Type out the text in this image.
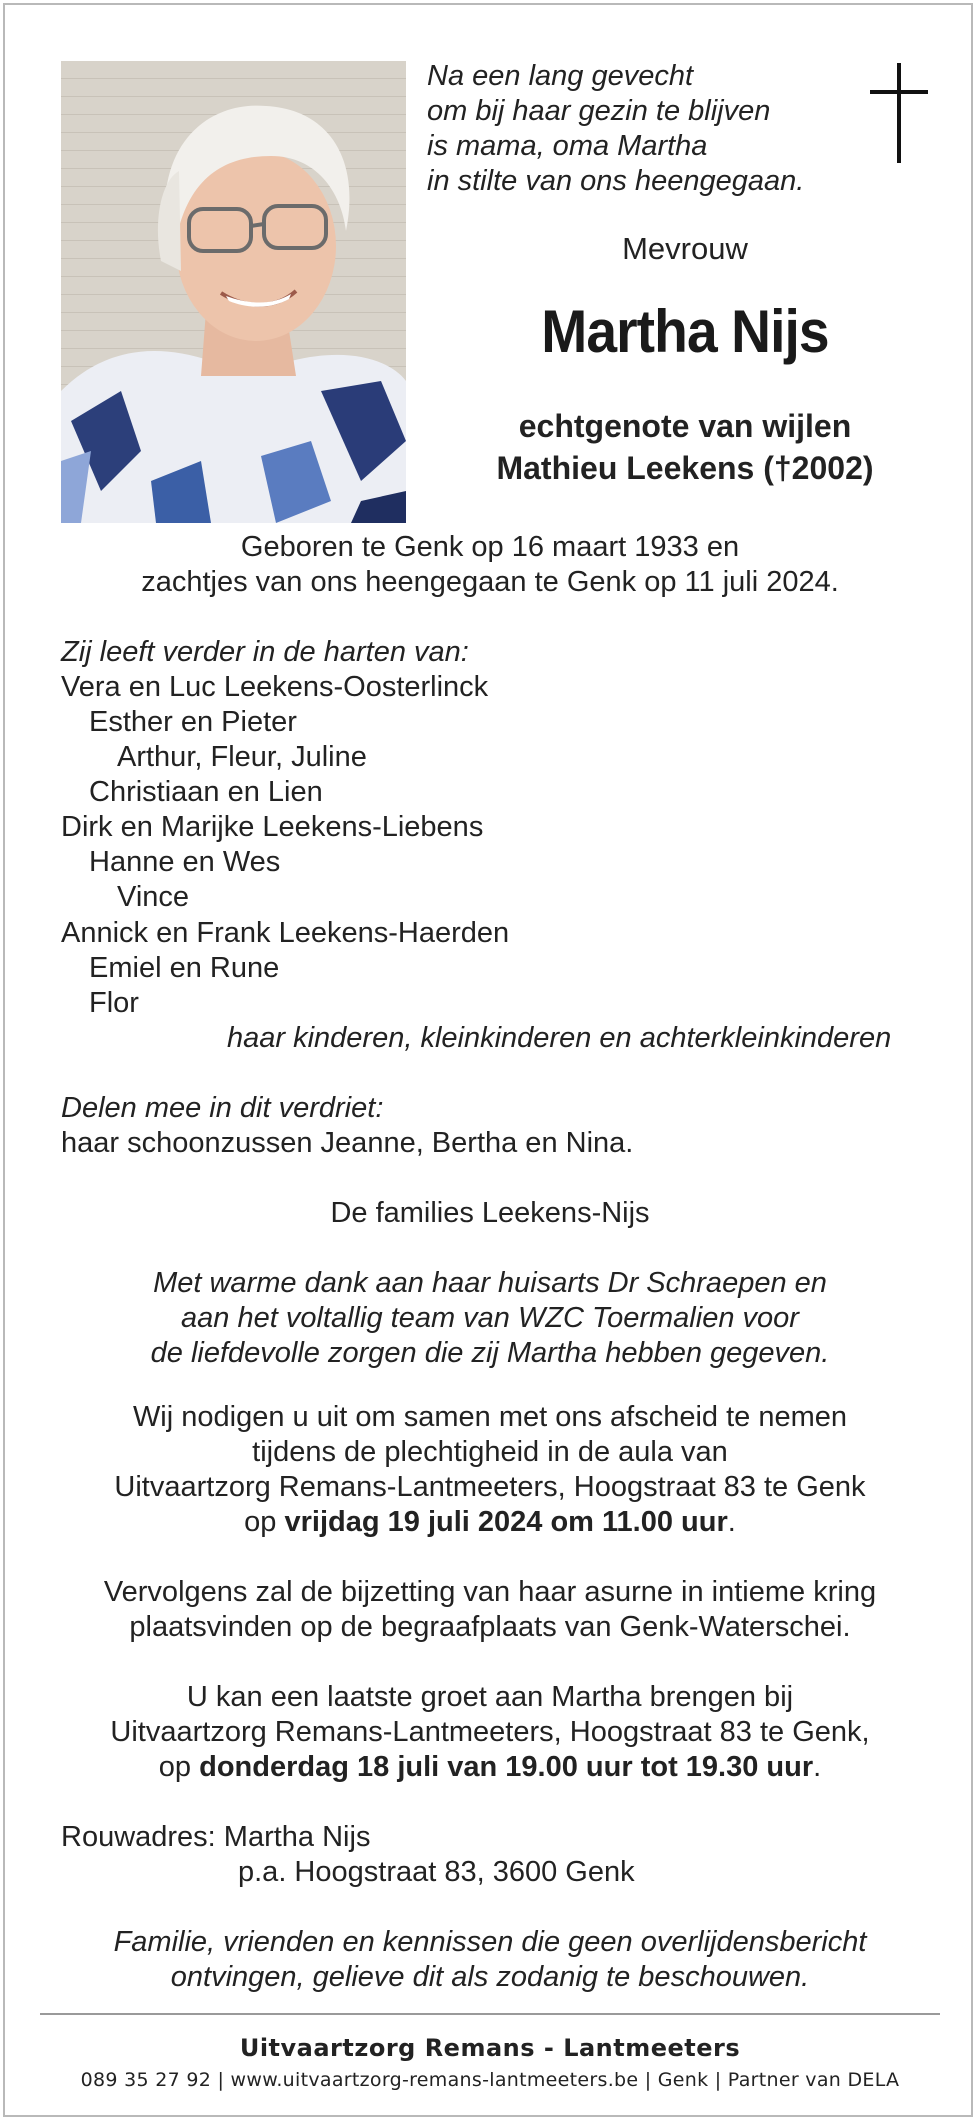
Na een lang gevecht
om bij haar gezin te blijven
is mama, oma Martha
in stilte van ons heengegaan.
Mevrouw
Martha Nijs
echtgenote van wijlen
Mathieu Leekens (†2002)
Geboren te Genk op 16 maart 1933 en
zachtjes van ons heengegaan te Genk op 11 juli 2024.
Zij leeft verder in de harten van:
Vera en Luc Leekens-Oosterlinck
Esther en Pieter
Arthur, Fleur, Juline
Christiaan en Lien
Dirk en Marijke Leekens-Liebens
Hanne en Wes
Vince
Annick en Frank Leekens-Haerden
Emiel en Rune
Flor
haar kinderen, kleinkinderen en achterkleinkinderen
Delen mee in dit verdriet:
haar schoonzussen Jeanne, Bertha en Nina.
De families Leekens-Nijs
Met warme dank aan haar huisarts Dr Schraepen en
aan het voltallig team van WZC Toermalien voor
de liefdevolle zorgen die zij Martha hebben gegeven.
Wij nodigen u uit om samen met ons afscheid te nemen
tijdens de plechtigheid in de aula van
Uitvaartzorg Remans-Lantmeeters, Hoogstraat 83 te Genk
op vrijdag 19 juli 2024 om 11.00 uur.
Vervolgens zal de bijzetting van haar asurne in intieme kring
plaatsvinden op de begraafplaats van Genk-Waterschei.
U kan een laatste groet aan Martha brengen bij
Uitvaartzorg Remans-Lantmeeters, Hoogstraat 83 te Genk,
op donderdag 18 juli van 19.00 uur tot 19.30 uur.
Rouwadres: Martha Nijs
p.a. Hoogstraat 83, 3600 Genk
Familie, vrienden en kennissen die geen overlijdensbericht
ontvingen, gelieve dit als zodanig te beschouwen.
Uitvaartzorg Remans - Lantmeeters
089 35 27 92 | www.uitvaartzorg-remans-lantmeeters.be | Genk | Partner van DELA
